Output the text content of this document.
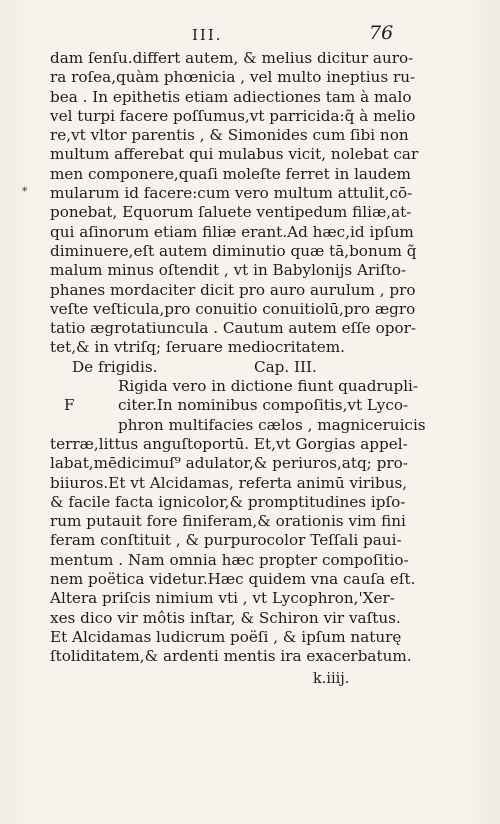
III.	76
*
dam ſenſu.differt autem, & melius dicitur auro-
ra roſea,quàm phœnicia , vel multo ineptius ru-
bea . In epithetis etiam adiectiones tam à malo
vel turpi facere poſſumus,vt parricida:q̃ à melio
re,vt vltor parentis , & Simonides cum ſibi non
multum afferebat qui mulabus vicit, nolebat car
men componere,quaſi moleſte ferret in laudem
mularum id facere:cum vero multum attulit,cō-
ponebat, Equorum ſaluete ventipedum filiæ,at-
qui aſinorum etiam filiæ erant.Ad hæc,id ipſum
diminuere,eſt autem diminutio quæ tā,bonum q̃
malum minus oſtendit , vt in Babylonijs Ariſto-
phanes mordaciter dicit pro auro aurulum , pro
veſte veſticula,pro conuitio conuitiolū,pro ægro
tatio ægrotatiuncula . Cautum autem eſſe opor-
tet,& in vtriſq; ſeruare mediocritatem.
De frigidis.	Cap. III.
Rigida vero in dictione fiunt quadrupli-
F	citer.In nominibus compoſitis,vt Lyco-
phron multifacies cælos , magniceruicis
terræ,littus anguſtoportū. Et,vt Gorgias appel-
labat,mēdicimuſ⁹ adulator,& periuros,atq; pro-
biiuros.Et vt Alcidamas, referta animū viribus,
& facile facta ignicolor,& promptitudines ipſo-
rum putauit fore finiferam,& orationis vim fini
feram conſtituit , & purpurocolor Teſſali paui-
mentum . Nam omnia hæc propter compoſitio-
nem poëtica videtur.Hæc quidem vna cauſa eſt.
Altera priſcis nimium vti , vt Lycophron,'Xer-
xes dico vir môtis inſtar, & Schiron vir vaſtus.
Et Alcidamas ludicrum poëſi , & ipſum naturę
ſtoliditatem,& ardenti mentis ira exacerbatum.
k.iiij.
